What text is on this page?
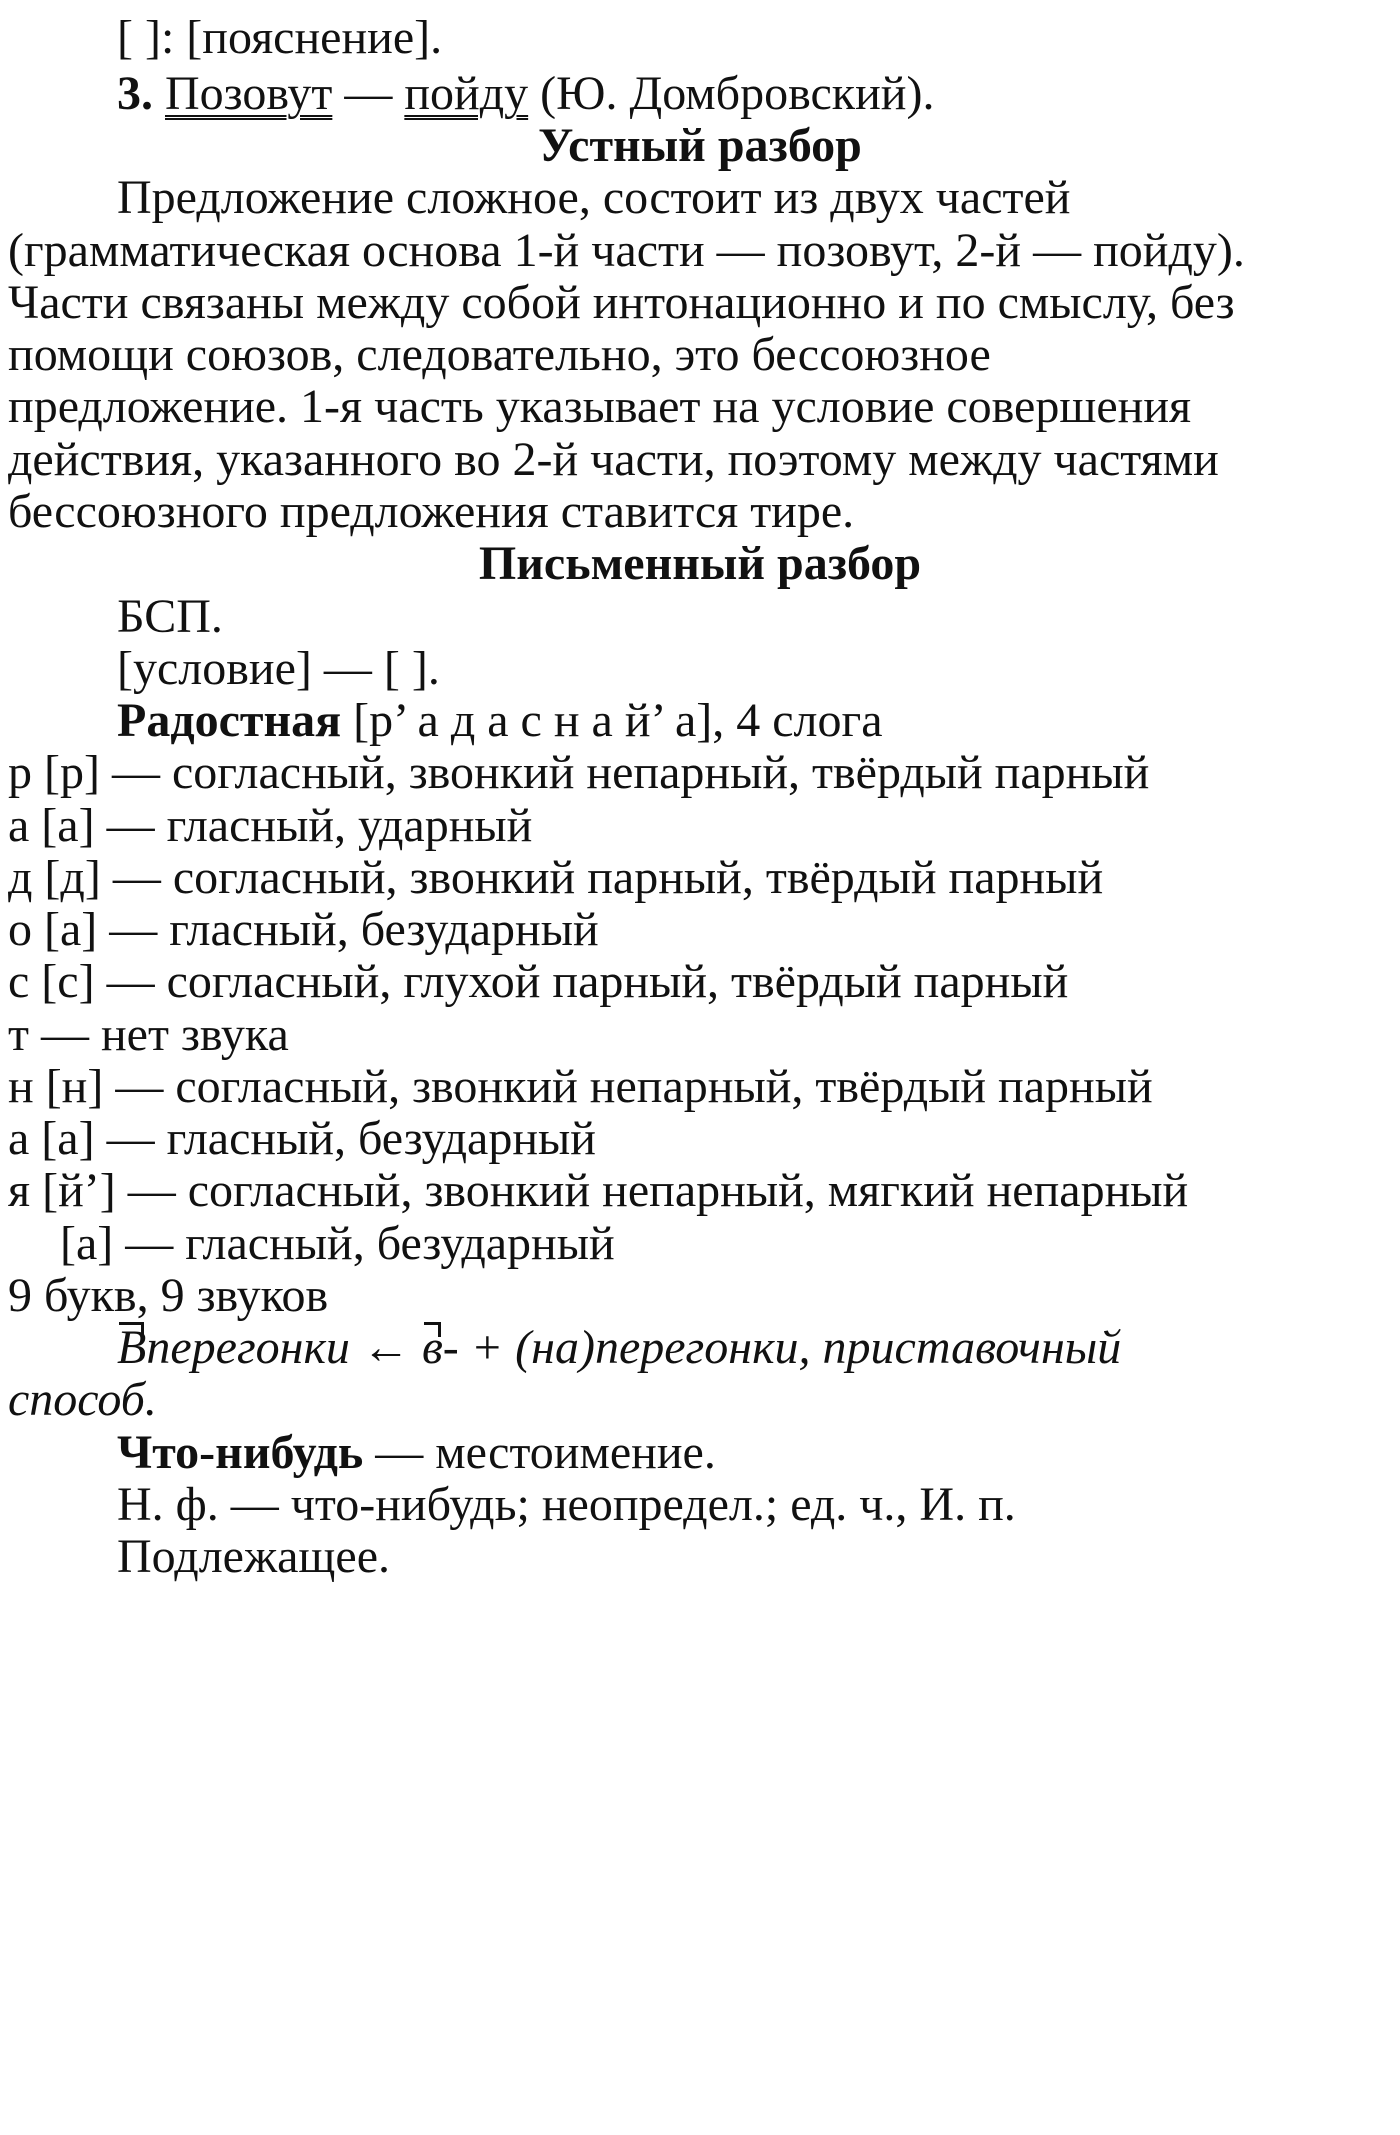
[ ]: [пояснение].
3. Позовут — пойду (Ю. Домбровский).
Устный разбор
Предложение сложное, состоит из двух частей
(грамматическая основа 1-й части — позовут, 2-й — пойду).
Части связаны между собой интонационно и по смыслу, без
помощи союзов, следовательно, это бессоюзное
предложение. 1-я часть указывает на условие совершения
действия, указанного во 2-й части, поэтому между частями
бессоюзного предложения ставится тире.
Письменный разбор
БСП.
[условие] — [ ].
Радостная [р’ а д а с н а й’ а], 4 слога
р [р] — согласный, звонкий непарный, твёрдый парный
а [а] — гласный, ударный
д [д] — согласный, звонкий парный, твёрдый парный
о [а] — гласный, безударный
с [с] — согласный, глухой парный, твёрдый парный
т — нет звука
н [н] — согласный, звонкий непарный, твёрдый парный
а [а] — гласный, безударный
я [й’] — согласный, звонкий непарный, мягкий непарный
[а] — гласный, безударный
9 букв, 9 звуков
Вперегонки ← в- + (на)перегонки, приставочный
способ.
Что-нибудь — местоимение.
Н. ф. — что-нибудь; неопредел.; ед. ч., И. п.
Подлежащее.
